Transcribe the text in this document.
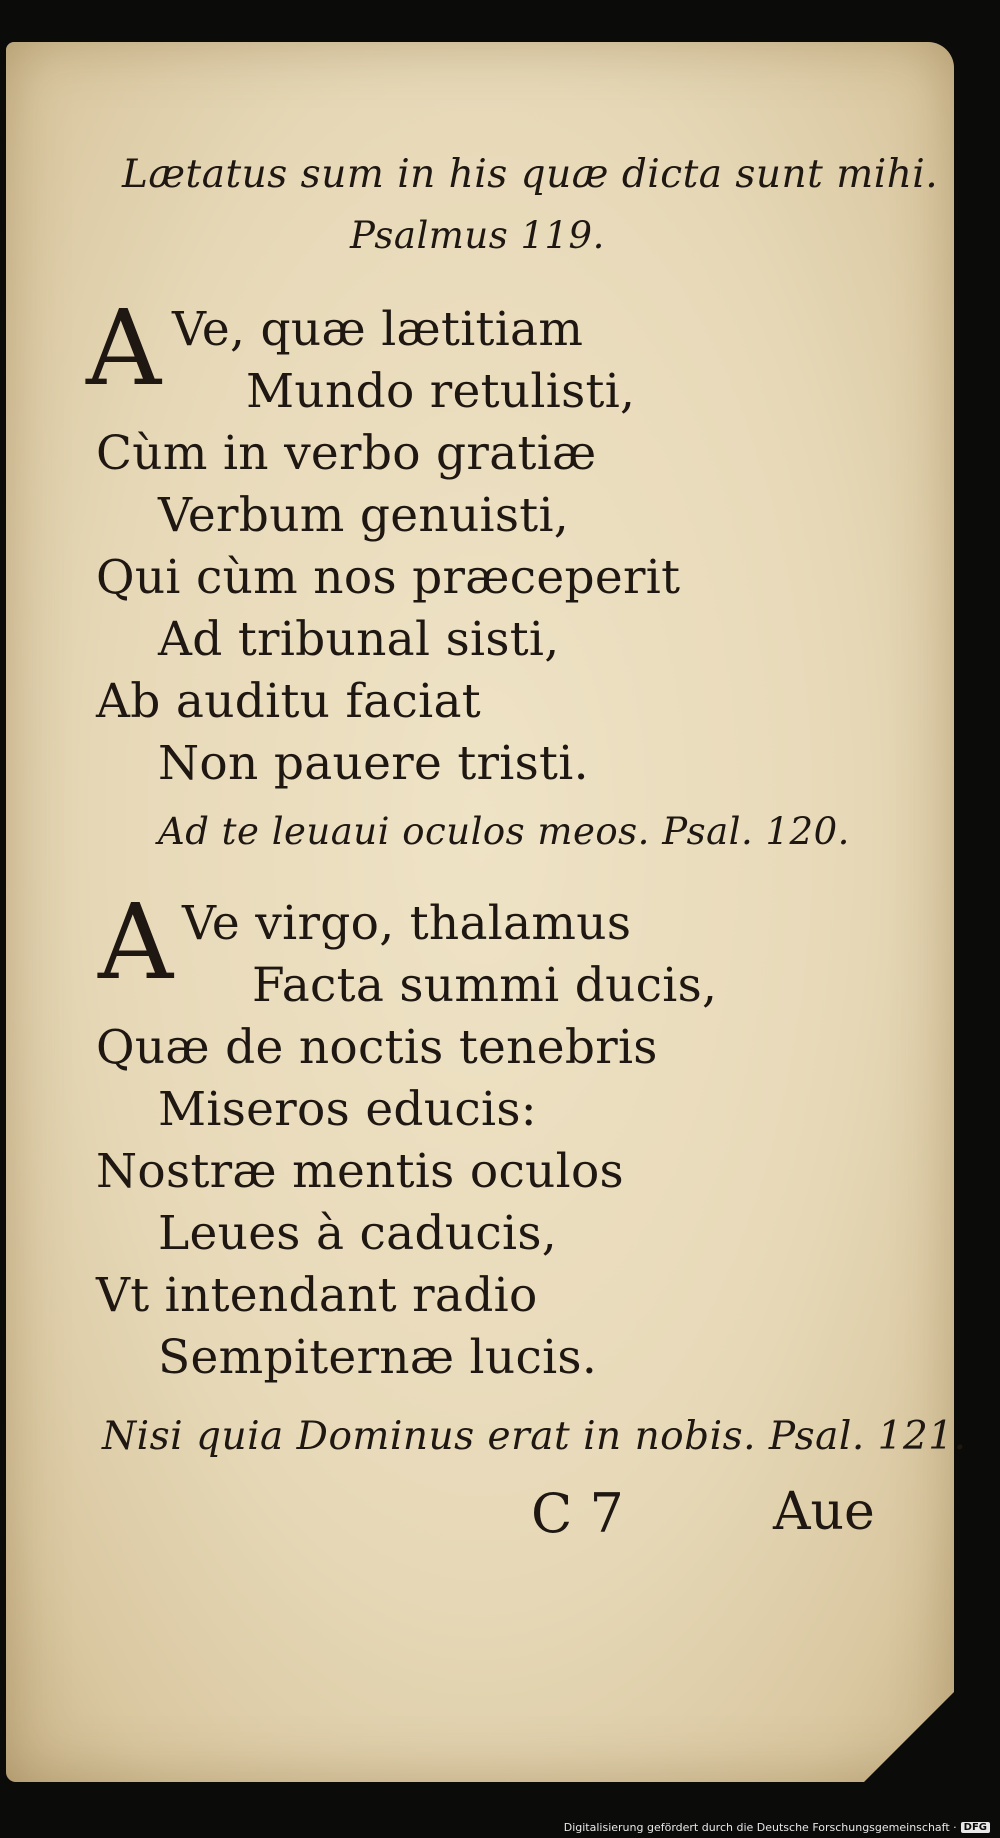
Lætatus sum in his quæ dicta sunt mihi.
Psalmus 119.
A Ve, quæ lætitiam
Mundo retulisti,
Cùm in verbo gratiæ
Verbum genuisti,
Qui cùm nos præceperit
Ad tribunal sisti,
Ab auditu faciat
Non pauere tristi.
Ad te leuaui oculos meos. Psal. 120.
A Ve virgo, thalamus
Facta summi ducis,
Quæ de noctis tenebris
Miseros educis:
Nostræ mentis oculos
Leues à caducis,
Vt intendant radio
Sempiternæ lucis.
Nisi quia Dominus erat in nobis. Psal. 121.
C 7	Aue
Digitalisierung gefördert durch die Deutsche Forschungsgemeinschaft · DFG
